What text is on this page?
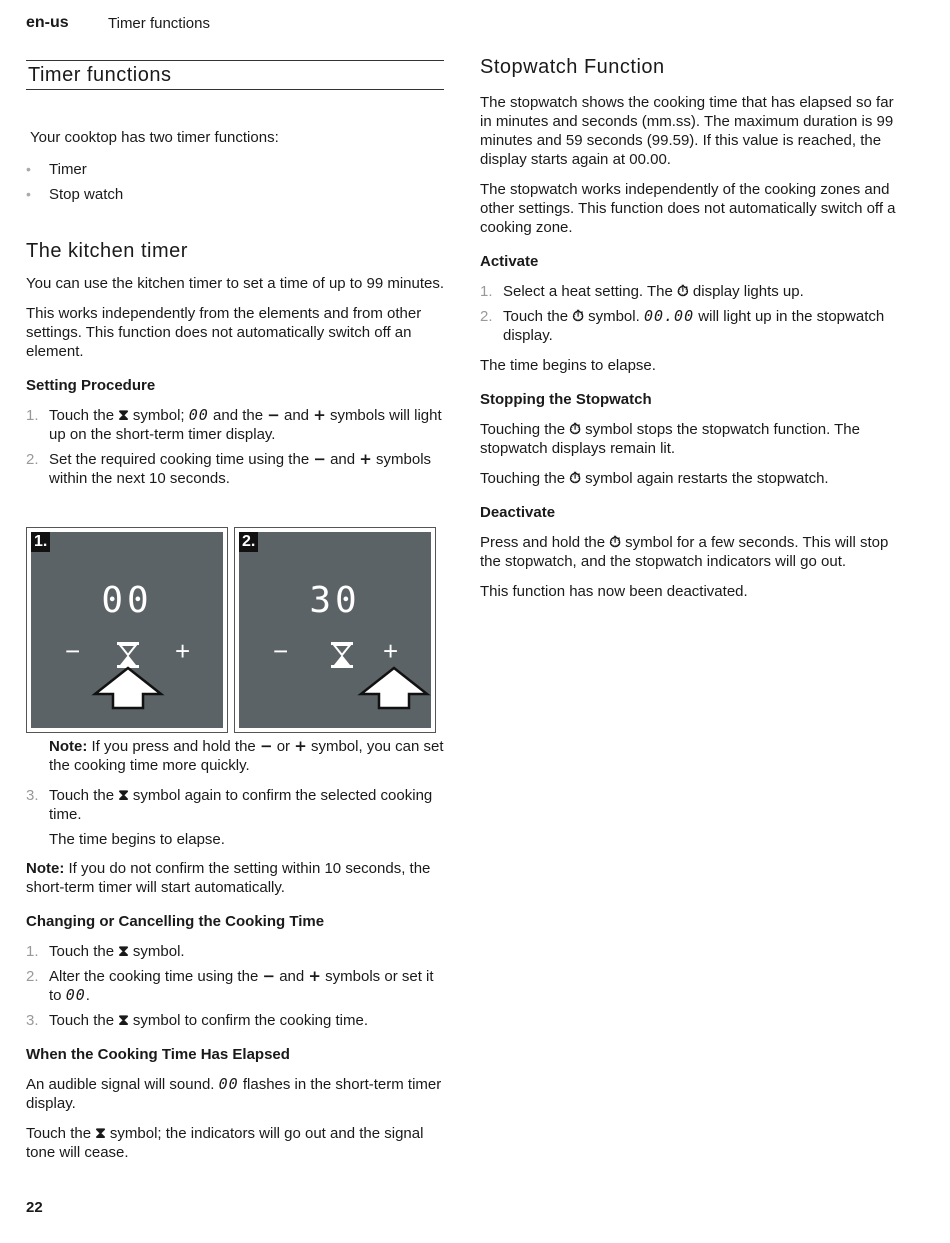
en-us	Timer functions
Timer functions

Your cooktop has two timer functions:

• Timer
• Stop watch
The kitchen timer

You can use the kitchen timer to set a time of up to 99 minutes.

This works independently from the elements and from other settings. This function does not automatically switch off an element.

Setting Procedure
1. Touch the ⧗ symbol; 00 and the − and + symbols will light up on the short-term timer display.
2. Set the required cooking time using the − and + symbols within the next 10 seconds.
1.
00
−	+
2.
30
−	+

Note: If you press and hold the − or + symbol, you can set the cooking time more quickly.

3. Touch the ⧗ symbol again to confirm the selected cooking time.

The time begins to elapse.

Note: If you do not confirm the setting within 10 seconds, the short-term timer will start automatically.

Changing or Cancelling the Cooking Time
1. Touch the ⧗ symbol.
2. Alter the cooking time using the − and + symbols or set it to 00.
3. Touch the ⧗ symbol to confirm the cooking time.
When the Cooking Time Has Elapsed

An audible signal will sound. 00 flashes in the short-term timer display.

Touch the ⧗ symbol; the indicators will go out and the signal tone will cease.

Stopwatch Function

The stopwatch shows the cooking time that has elapsed so far in minutes and seconds (mm.ss). The maximum duration is 99 minutes and 59 seconds (99.59). If this value is reached, the display starts again at 00.00.

The stopwatch works independently of the cooking zones and other settings. This function does not automatically switch off a cooking zone.

Activate
1. Select a heat setting. The ⏱ display lights up.
2. Touch the ⏱ symbol. 00.00 will light up in the stopwatch display.

The time begins to elapse.

Stopping the Stopwatch

Touching the ⏱ symbol stops the stopwatch function. The stopwatch displays remain lit.

Touching the ⏱ symbol again restarts the stopwatch.

Deactivate

Press and hold the ⏱ symbol for a few seconds. This will stop the stopwatch, and the stopwatch indicators will go out.

This function has now been deactivated.

22
